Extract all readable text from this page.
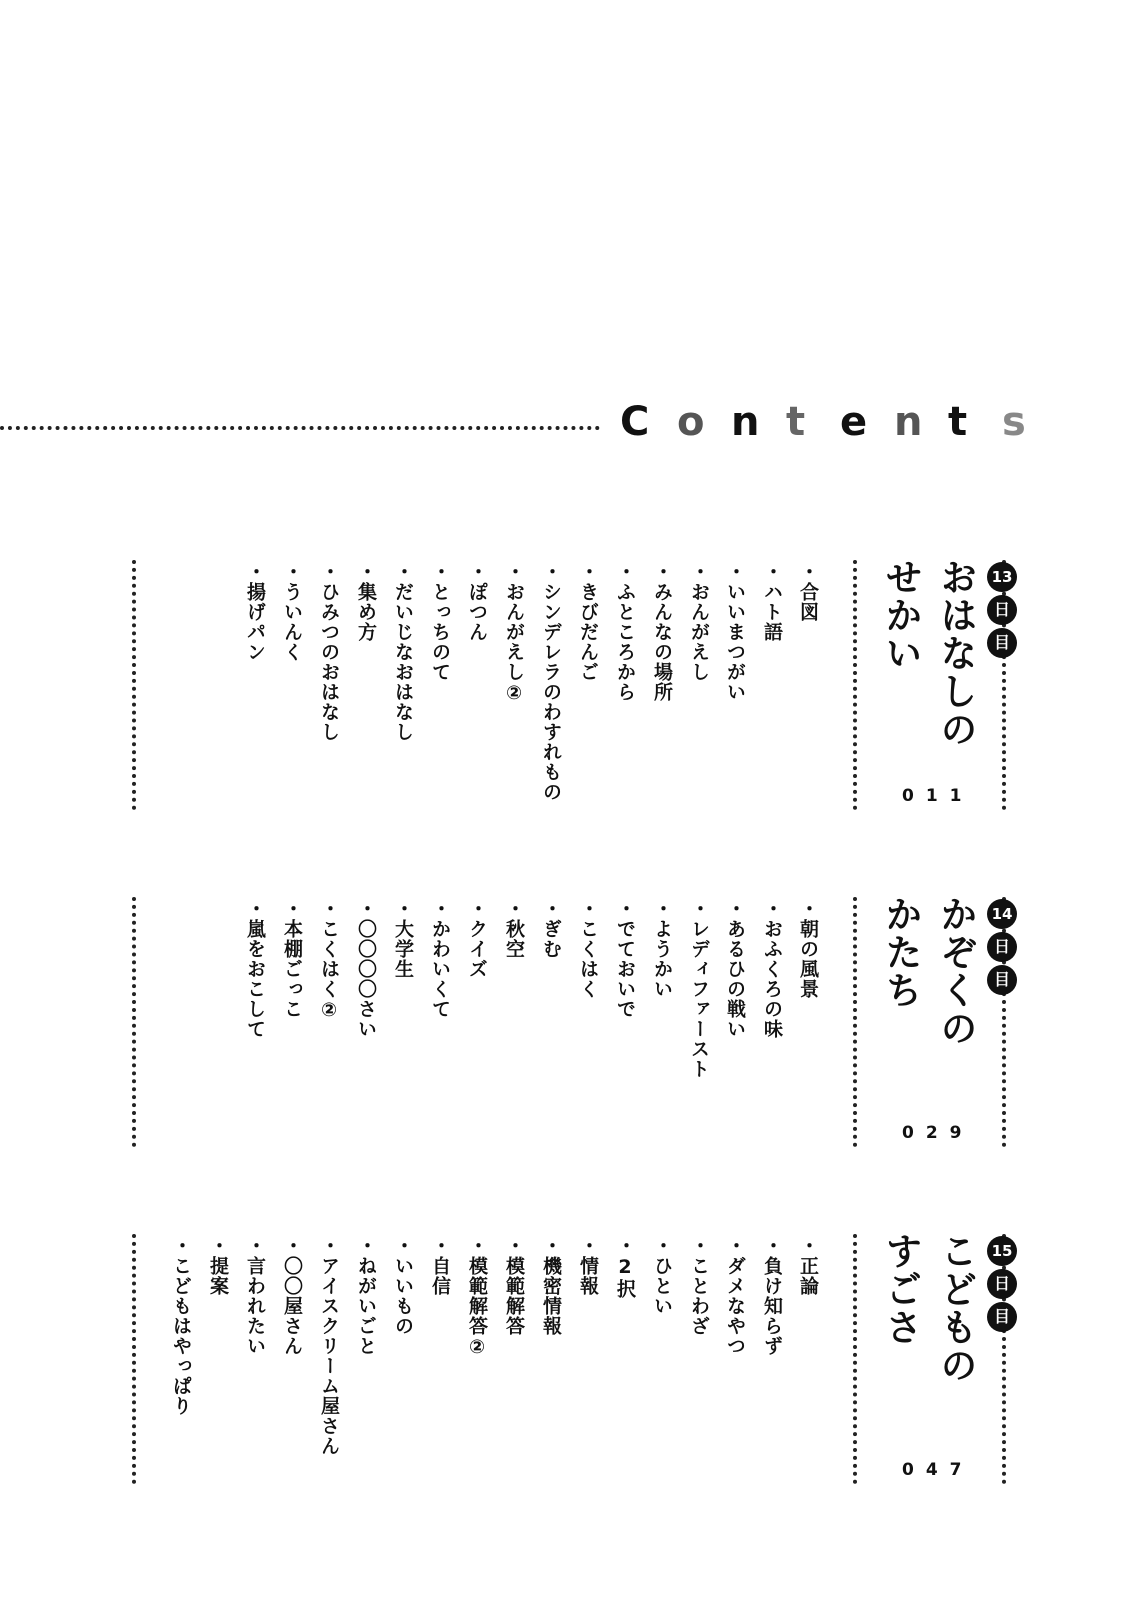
C o n t e n t s
13
日
目
おはなしの
せかい
011
・ 合図
・ ハト語
・ いいまつがい
・ おんがえし
・ みんなの場所
・ ふところから
・ きびだんご
・ シンデレラのわすれもの
・ おんがえし②
・ ぽつん
・ とっちのて
・ だいじなおはなし
・ 集め方
・ ひみつのおはなし
・ ういんく
・ 揚げパン
14
日
目
かぞくの
かたち
029
・ 朝の風景
・ おふくろの味
・ あるひの戦い
・ レディファースト
・ ようかい
・ でておいで
・ こくはく
・ ぎむ
・ 秋空
・ クイズ
・ かわいくて
・ 大学生
・ 〇〇〇〇さい
・ こくはく②
・ 本棚ごっこ
・ 嵐をおこして
15
日
目
こどもの
すごさ
047
・ 正論
・ 負け知らず
・ ダメなやつ
・ ことわざ
・ ひとい
・ 2択
・ 情報
・ 機密情報
・ 模範解答
・ 模範解答②
・ 自信
・ いいもの
・ ねがいごと
・ アイスクリーム屋さん
・ 〇〇屋さん
・ 言われたい
・ 提案
・ こどもはやっぱり
